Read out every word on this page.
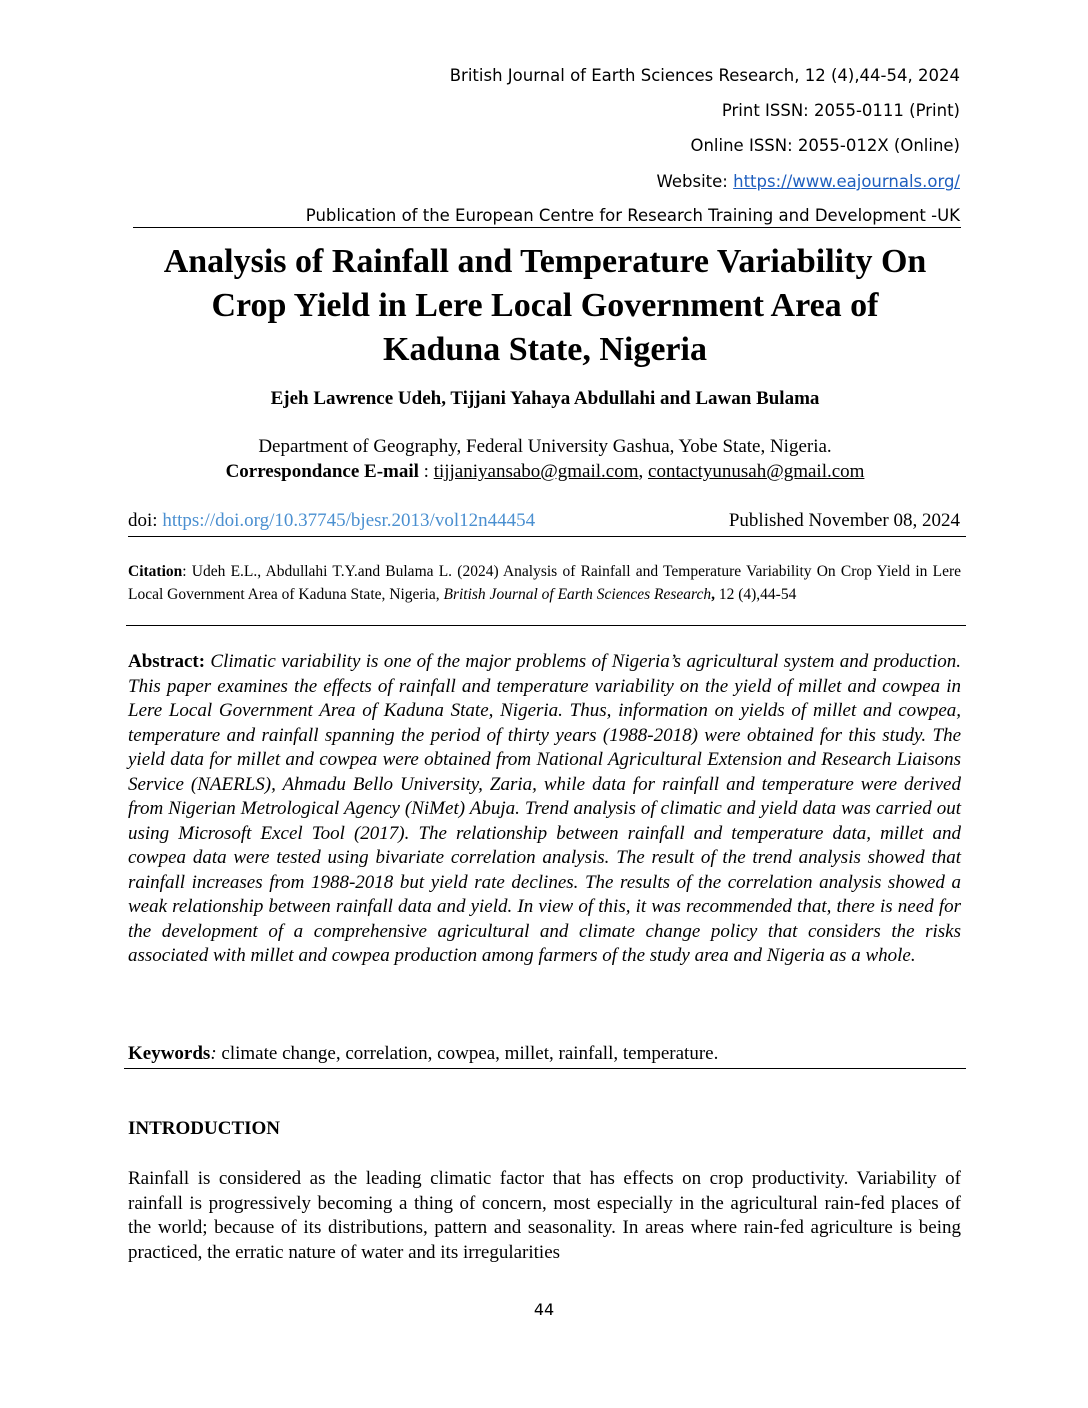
British Journal of Earth Sciences Research, 12 (4),44-54, 2024
Print ISSN: 2055-0111 (Print)
Online ISSN: 2055-012X (Online)
Website: https://www.eajournals.org/
Publication of the European Centre for Research Training and Development -UK
Analysis of Rainfall and Temperature Variability On
Crop Yield in Lere Local Government Area of
Kaduna State, Nigeria
Ejeh Lawrence Udeh, Tijjani Yahaya Abdullahi and Lawan Bulama
Department of Geography, Federal University Gashua, Yobe State, Nigeria.
Correspondance E-mail : tijjaniyansabo@gmail.com, contactyunusah@gmail.com
doi: https://doi.org/10.37745/bjesr.2013/vol12n44454	Published November 08, 2024
Citation: Udeh E.L., Abdullahi T.Y.and Bulama L. (2024) Analysis of Rainfall and Temperature Variability On Crop Yield in Lere Local Government Area of Kaduna State, Nigeria, British Journal of Earth Sciences Research, 12 (4),44-54
Abstract: Climatic variability is one of the major problems of Nigeria’s agricultural system and production. This paper examines the effects of rainfall and temperature variability on the yield of millet and cowpea in Lere Local Government Area of Kaduna State, Nigeria. Thus, information on yields of millet and cowpea, temperature and rainfall spanning the period of thirty years (1988-2018) were obtained for this study. The yield data for millet and cowpea were obtained from National Agricultural Extension and Research Liaisons Service (NAERLS), Ahmadu Bello University, Zaria, while data for rainfall and temperature were derived from Nigerian Metrological Agency (NiMet) Abuja. Trend analysis of climatic and yield data was carried out using Microsoft Excel Tool (2017). The relationship between rainfall and temperature data, millet and cowpea data were tested using bivariate correlation analysis. The result of the trend analysis showed that rainfall increases from 1988-2018 but yield rate declines. The results of the correlation analysis showed a weak relationship between rainfall data and yield. In view of this, it was recommended that, there is need for the development of a comprehensive agricultural and climate change policy that considers the risks associated with millet and cowpea production among farmers of the study area and Nigeria as a whole.
Keywords: climate change, correlation, cowpea, millet, rainfall, temperature.
INTRODUCTION
Rainfall is considered as the leading climatic factor that has effects on crop productivity. Variability of rainfall is progressively becoming a thing of concern, most especially in the agricultural rain-fed places of the world; because of its distributions, pattern and seasonality. In areas where rain-fed agriculture is being practiced, the erratic nature of water and its irregularities
44
